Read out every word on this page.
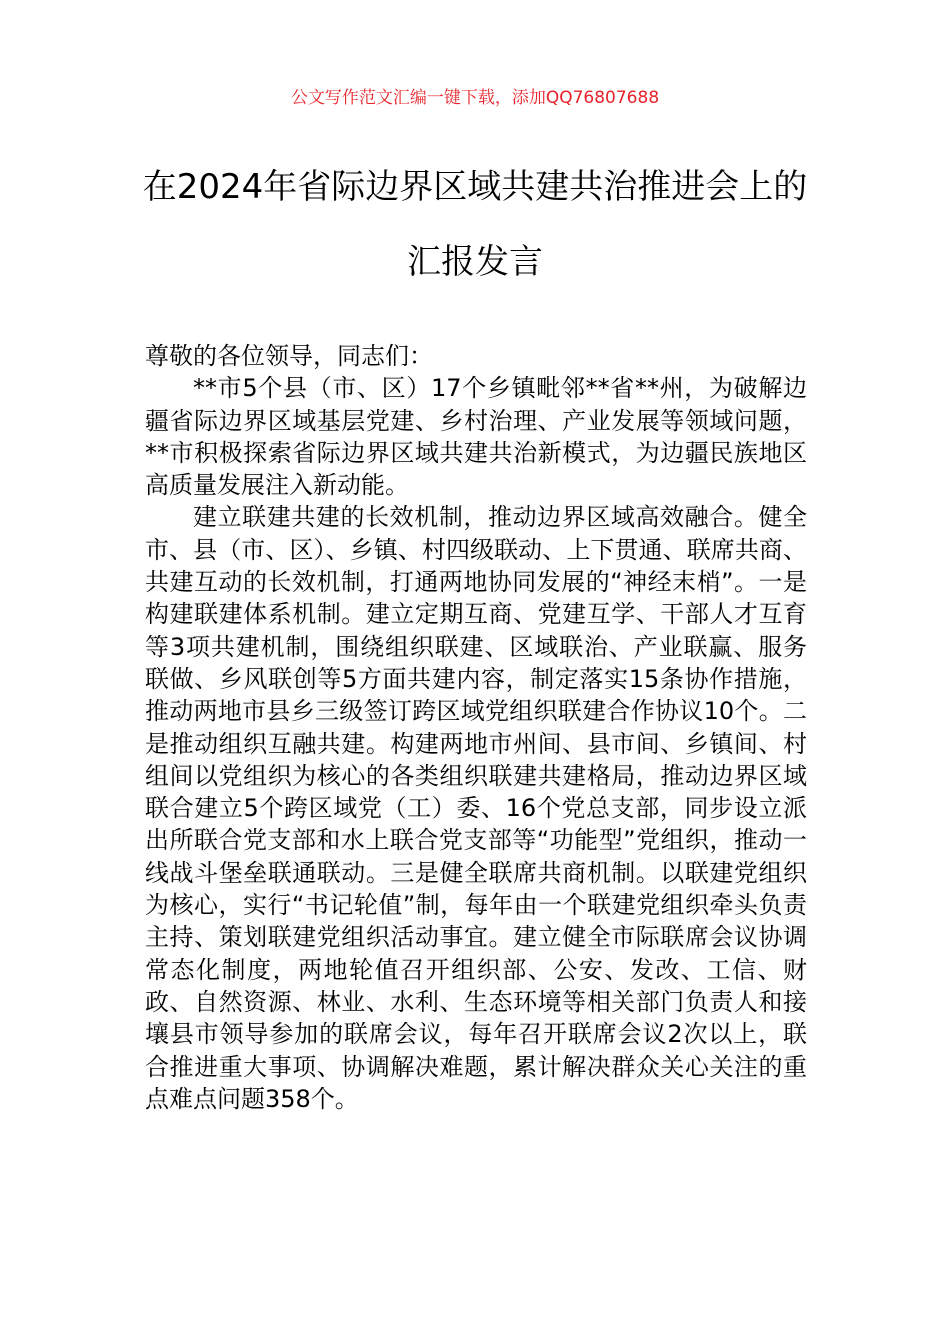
公文写作范文汇编一键下载，添加QQ76807688
在2024年省际边界区域共建共治推进会上的汇报发言

尊敬的各位领导，同志们：

**市5个县（市、区）17个乡镇毗邻**省**州，为破解边疆省际边界区域基层党建、乡村治理、产业发展等领域问题，**市积极探索省际边界区域共建共治新模式，为边疆民族地区高质量发展注入新动能。

建立联建共建的长效机制，推动边界区域高效融合。健全市、县（市、区）、乡镇、村四级联动、上下贯通、联席共商、共建互动的长效机制，打通两地协同发展的“神经末梢”。一是构建联建体系机制。建立定期互商、党建互学、干部人才互育等3项共建机制，围绕组织联建、区域联治、产业联赢、服务联做、乡风联创等5方面共建内容，制定落实15条协作措施，推动两地市县乡三级签订跨区域党组织联建合作协议10个。二是推动组织互融共建。构建两地市州间、县市间、乡镇间、村组间以党组织为核心的各类组织联建共建格局，推动边界区域联合建立5个跨区域党（工）委、16个党总支部，同步设立派出所联合党支部和水上联合党支部等“功能型”党组织，推动一线战斗堡垒联通联动。三是健全联席共商机制。以联建党组织为核心，实行“书记轮值”制，每年由一个联建党组织牵头负责主持、策划联建党组织活动事宜。建立健全市际联席会议协调常态化制度，两地轮值召开组织部、公安、发改、工信、财政、自然资源、林业、水利、生态环境等相关部门负责人和接壤县市领导参加的联席会议，每年召开联席会议2次以上，联合推进重大事项、协调解决难题，累计解决群众关心关注的重点难点问题358个。
